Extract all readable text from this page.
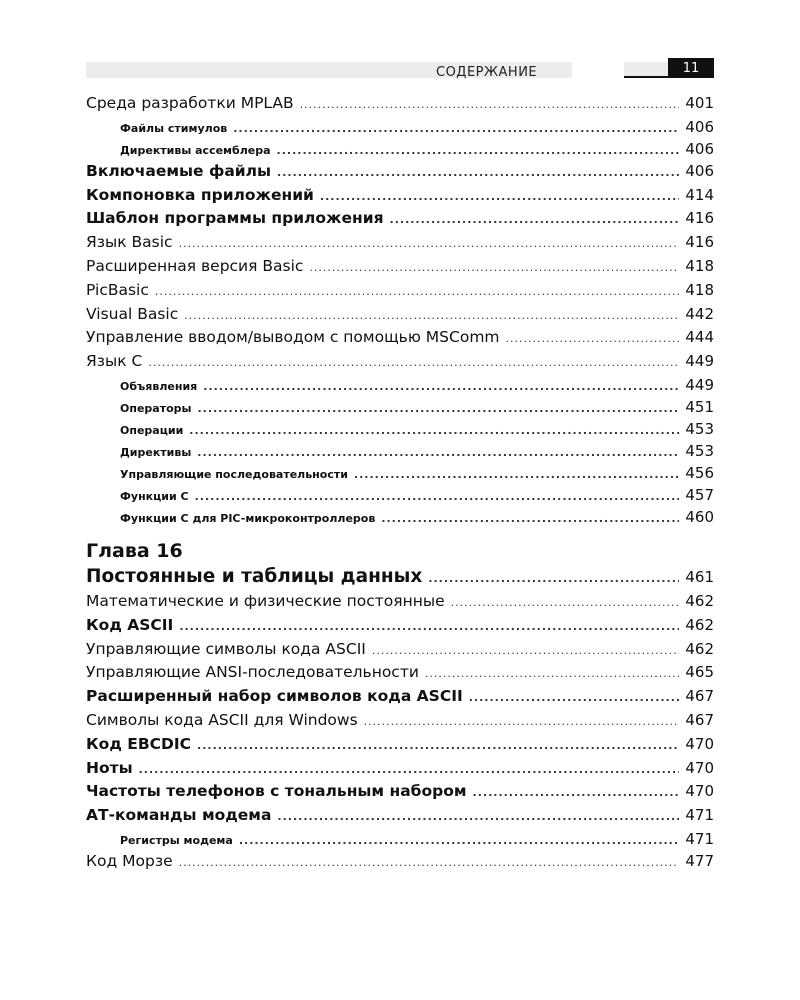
СОДЕРЖАНИЕ	11
Среда разработки MPLAB .....	401
Файлы стимулов .....	406
Директивы ассемблера .....	406
Включаемые файлы .....	406
Компоновка приложений .....	414
Шаблон программы приложения .....	416
Язык Basic .....	416
Расширенная версия Basic .....	418
PicBasic .....	418
Visual Basic .....	442
Управление вводом/выводом с помощью MSComm .....	444
Язык С .....	449
Объявления .....	449
Операторы .....	451
Операции .....	453
Директивы .....	453
Управляющие последовательности .....	456
Функции С .....	457
Функции С для PIC-микроконтроллеров .....	460
Глава 16
Постоянные и таблицы данных .....	461
Математические и физические постоянные .....	462
Код ASCII .....	462
Управляющие символы кода ASCII .....	462
Управляющие ANSI-последовательности .....	465
Расширенный набор символов кода ASCII .....	467
Символы кода ASCII для Windows .....	467
Код EBCDIC .....	470
Ноты .....	470
Частоты телефонов с тональным набором .....	470
АТ-команды модема .....	471
Регистры модема .....	471
Код Морзе .....	477
